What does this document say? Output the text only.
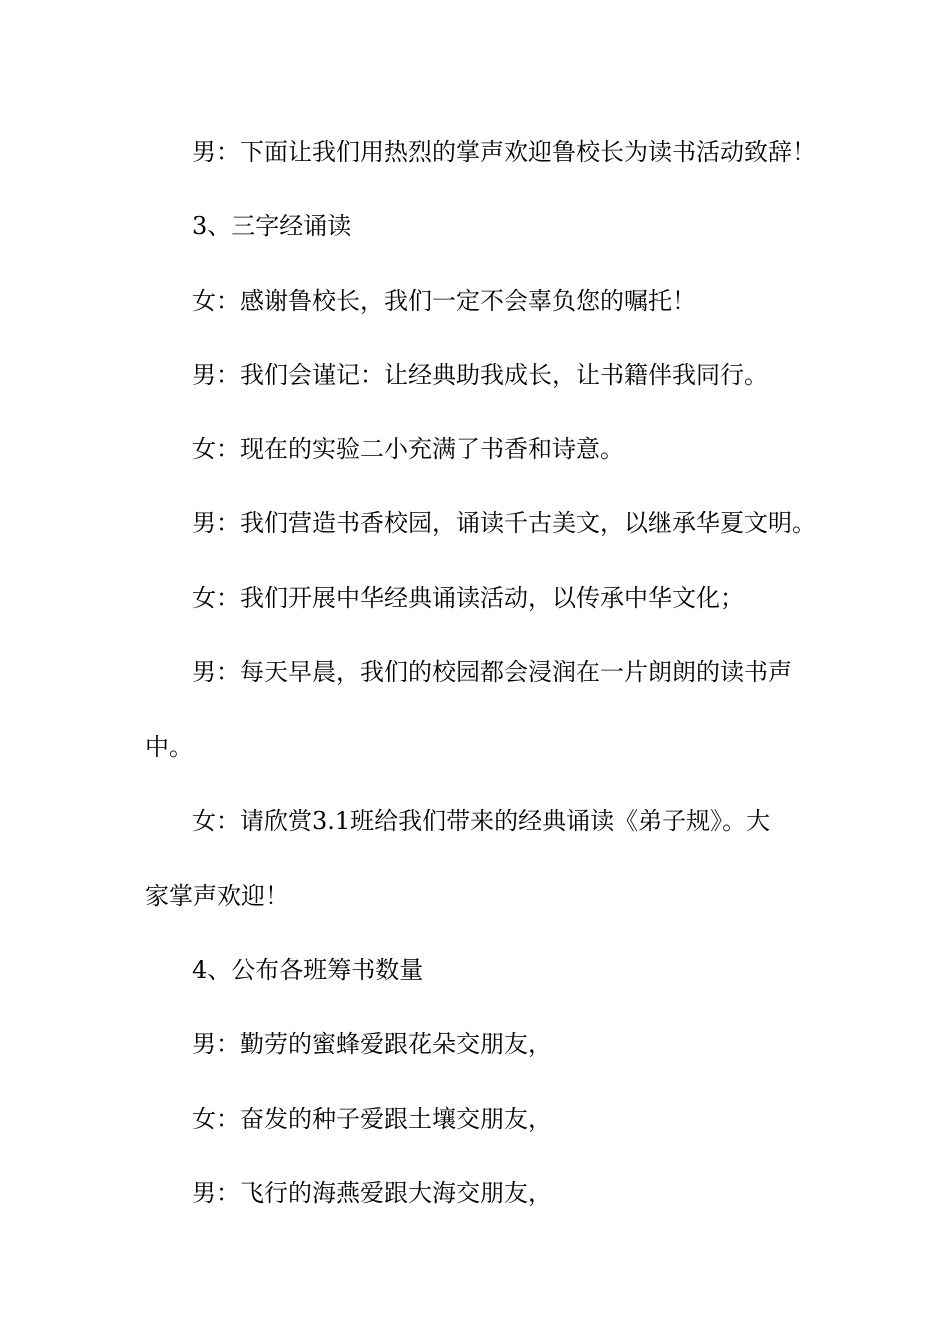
男：下面让我们用热烈的掌声欢迎鲁校长为读书活动致辞！
3、三字经诵读
女：感谢鲁校长，我们一定不会辜负您的嘱托！
男：我们会谨记：让经典助我成长，让书籍伴我同行。
女：现在的实验二小充满了书香和诗意。
男：我们营造书香校园，诵读千古美文，以继承华夏文明。
女：我们开展中华经典诵读活动，以传承中华文化；
男：每天早晨，我们的校园都会浸润在一片朗朗的读书声
中。
女：请欣赏3.1班给我们带来的经典诵读《弟子规》。大
家掌声欢迎！
4、公布各班筹书数量
男：勤劳的蜜蜂爱跟花朵交朋友，
女：奋发的种子爱跟土壤交朋友，
男：飞行的海燕爱跟大海交朋友，
